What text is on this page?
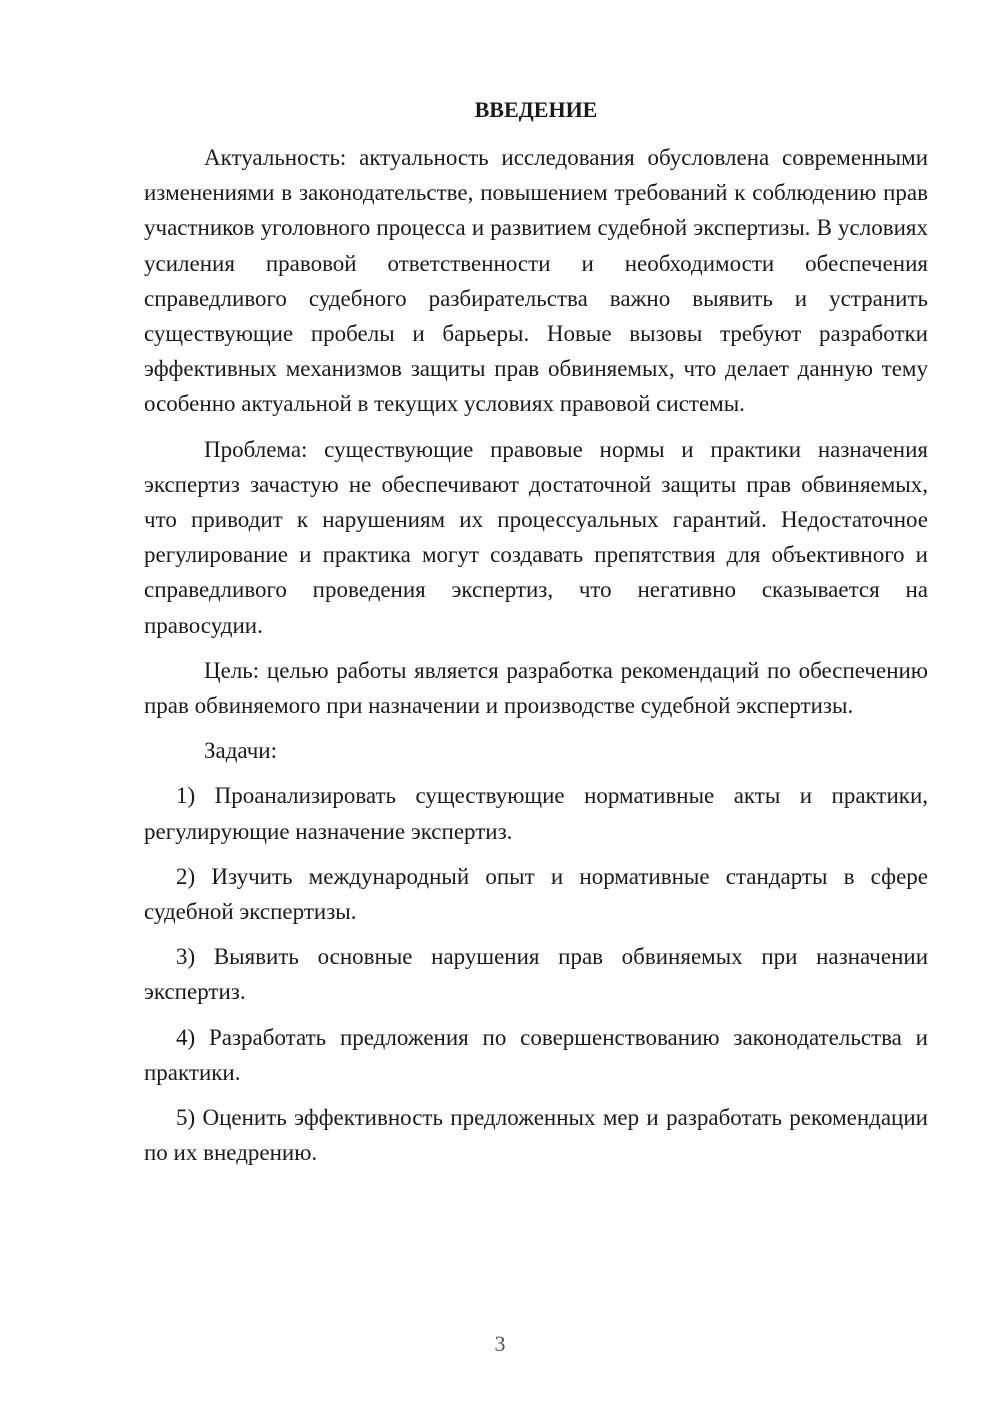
ВВЕДЕНИЕ

Актуальность: актуальность исследования обусловлена современными изменениями в законодательстве, повышением требований к соблюдению прав участников уголовного процесса и развитием судебной экспертизы. В условиях усиления правовой ответственности и необходимости обеспечения справедливого судебного разбирательства важно выявить и устранить существующие пробелы и барьеры. Новые вызовы требуют разработки эффективных механизмов защиты прав обвиняемых, что делает данную тему особенно актуальной в текущих условиях правовой системы.

Проблема: существующие правовые нормы и практики назначения экспертиз зачастую не обеспечивают достаточной защиты прав обвиняемых, что приводит к нарушениям их процессуальных гарантий. Недостаточное регулирование и практика могут создавать препятствия для объективного и справедливого проведения экспертиз, что негативно сказывается на правосудии.

Цель: целью работы является разработка рекомендаций по обеспечению прав обвиняемого при назначении и производстве судебной экспертизы.

Задачи:

1) Проанализировать существующие нормативные акты и практики, регулирующие назначение экспертиз.

2) Изучить международный опыт и нормативные стандарты в сфере судебной экспертизы.

3) Выявить основные нарушения прав обвиняемых при назначении экспертиз.

4) Разработать предложения по совершенствованию законодательства и практики.

5) Оценить эффективность предложенных мер и разработать рекомендации по их внедрению.

3
